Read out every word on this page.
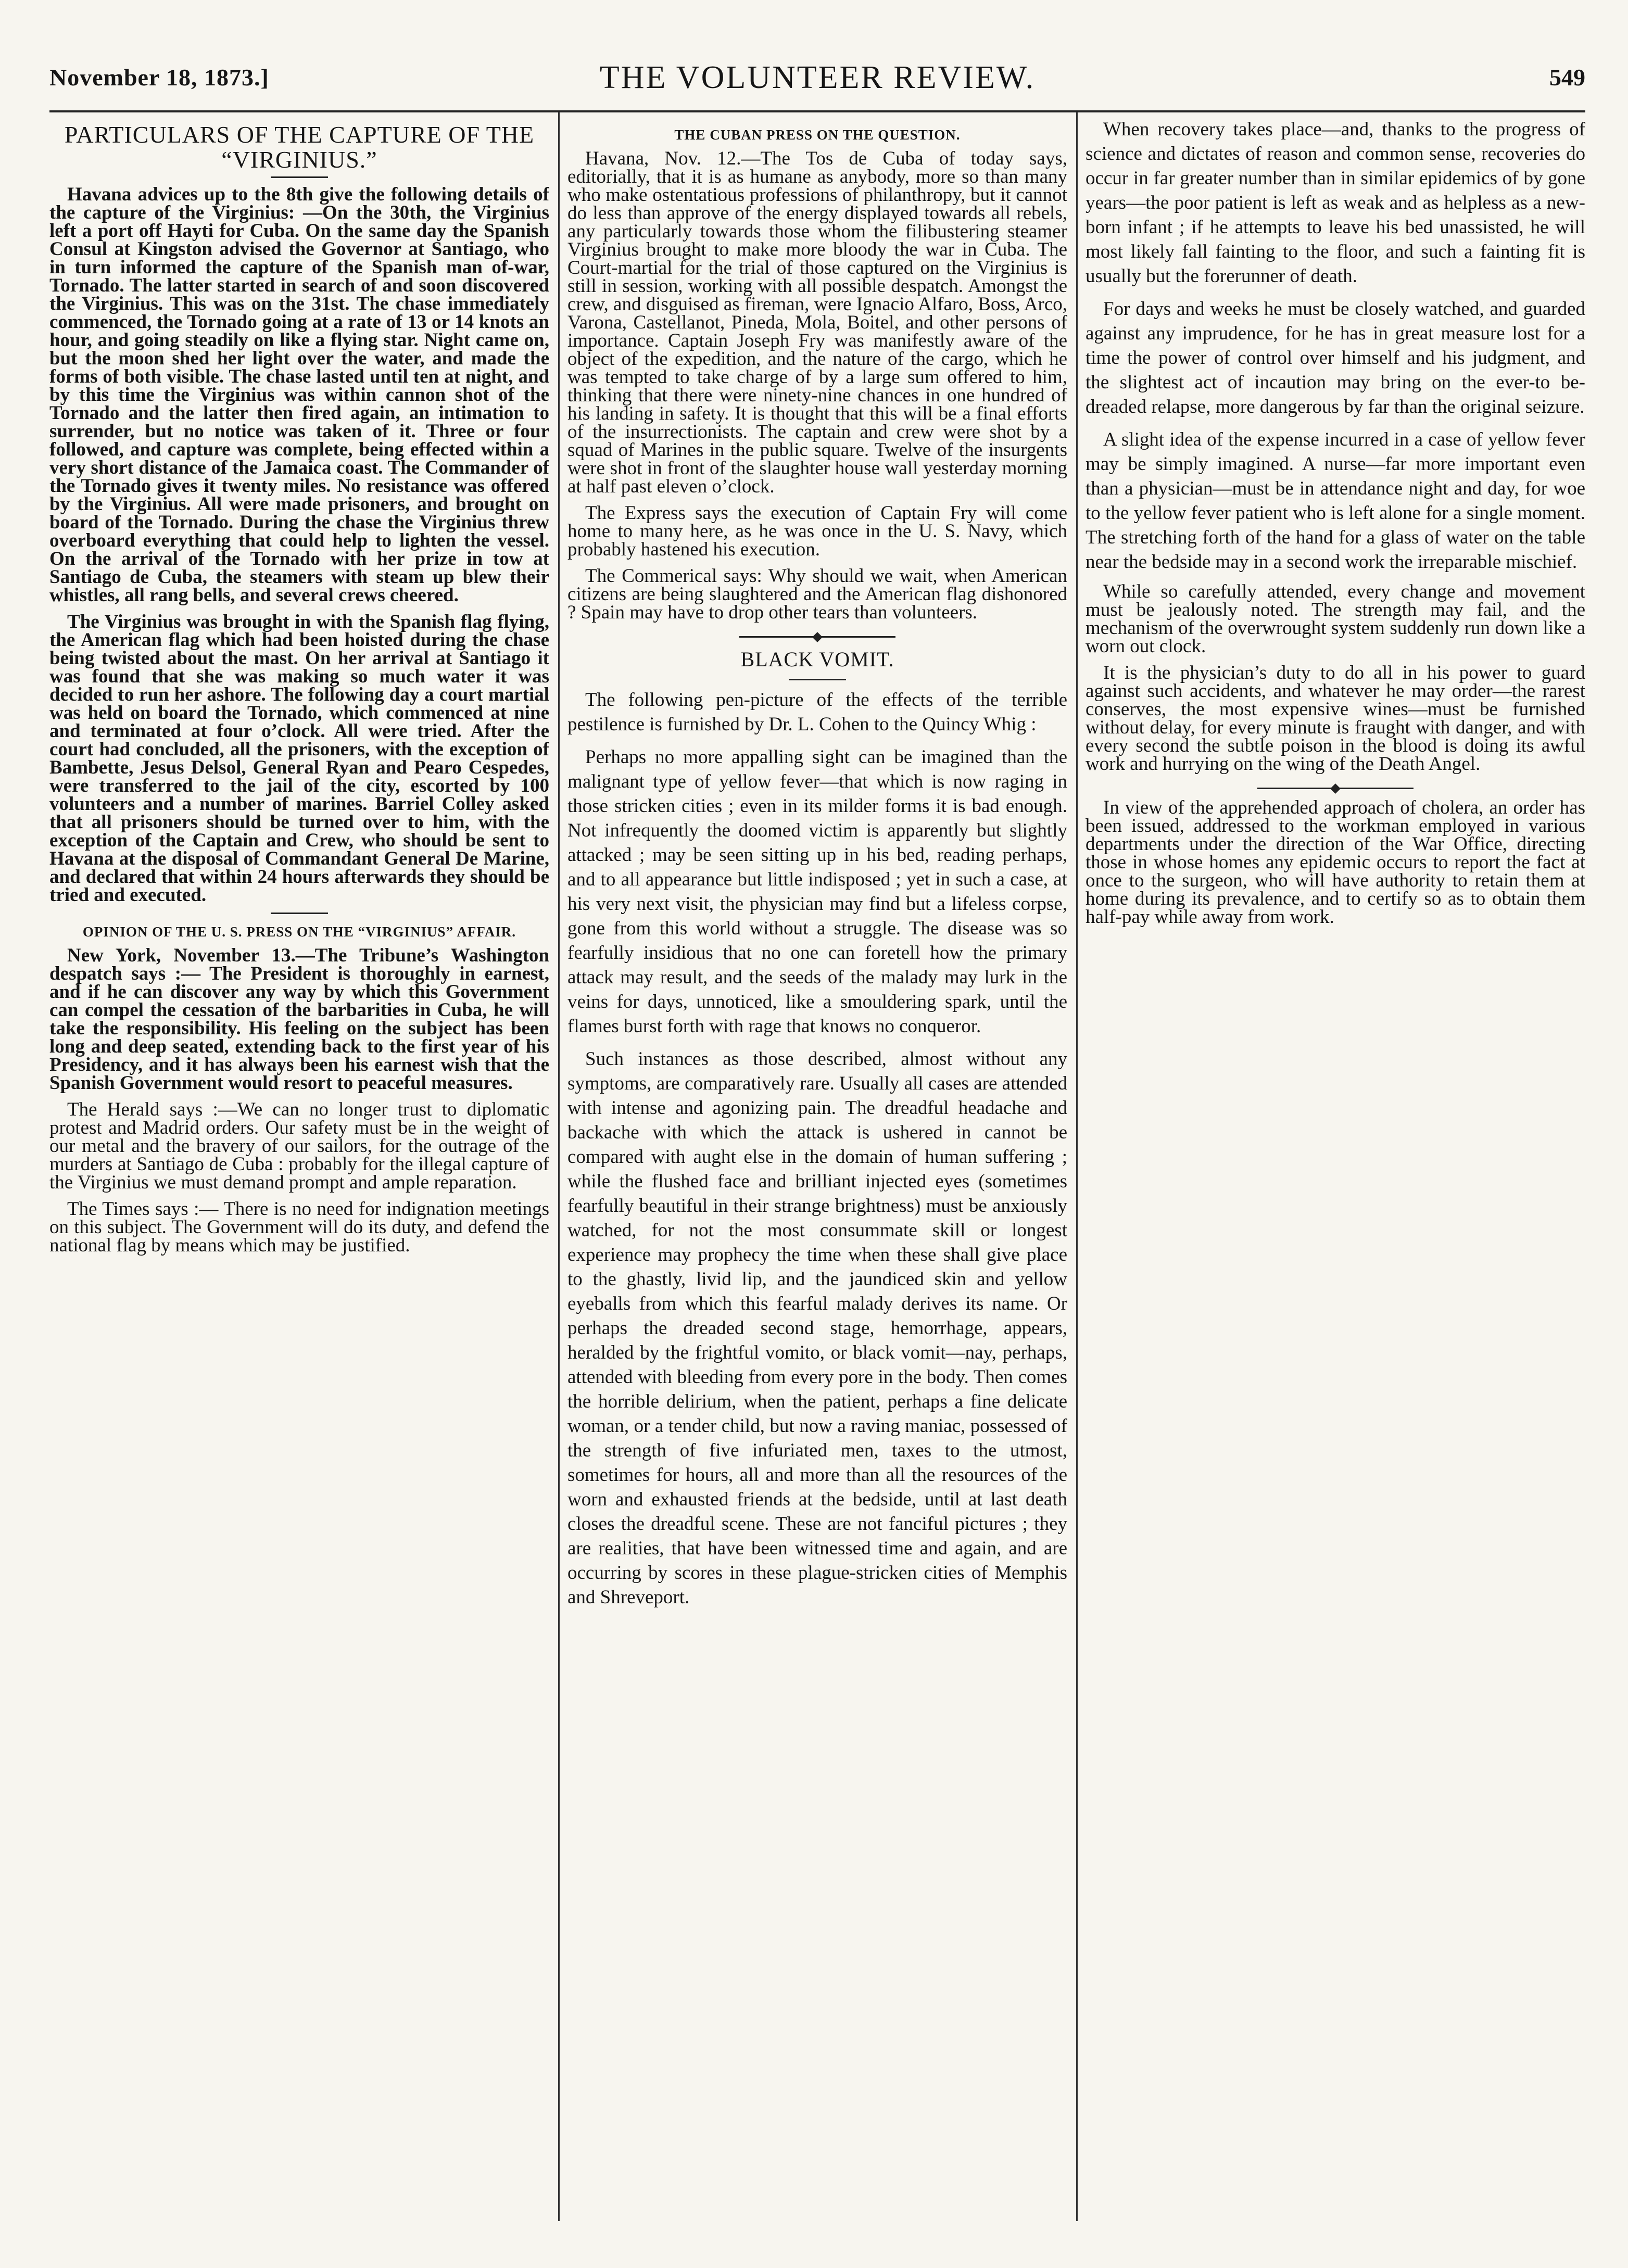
November 18, 1873.]	THE VOLUNTEER REVIEW.	549
PARTICULARS OF THE CAPTURE OF THE “VIRGINIUS.”

Havana advices up to the 8th give the following details of the capture of the Virginius: —On the 30th, the Virginius left a port off Hayti for Cuba. On the same day the Spanish Consul at Kingston advised the Governor at Santiago, who in turn informed the capture of the Spanish man of-war, Tornado. The latter started in search of and soon discovered the Virginius. This was on the 31st. The chase immediately commenced, the Tornado going at a rate of 13 or 14 knots an hour, and going steadily on like a flying star. Night came on, but the moon shed her light over the water, and made the forms of both visible. The chase lasted until ten at night, and by this time the Virginius was within cannon shot of the Tornado and the latter then fired again, an intimation to surrender, but no notice was taken of it. Three or four followed, and capture was complete, being effected within a very short distance of the Jamaica coast. The Commander of the Tornado gives it twenty miles. No resistance was offered by the Virginius. All were made prisoners, and brought on board of the Tornado. During the chase the Virginius threw overboard everything that could help to lighten the vessel. On the arrival of the Tornado with her prize in tow at Santiago de Cuba, the steamers with steam up blew their whistles, all rang bells, and several crews cheered.

The Virginius was brought in with the Spanish flag flying, the American flag which had been hoisted during the chase being twisted about the mast. On her arrival at Santiago it was found that she was making so much water it was decided to run her ashore. The following day a court martial was held on board the Tornado, which commenced at nine and terminated at four o’clock. All were tried. After the court had concluded, all the prisoners, with the exception of Bambette, Jesus Delsol, General Ryan and Pearo Cespedes, were transferred to the jail of the city, escorted by 100 volunteers and a number of marines. Barriel Colley asked that all prisoners should be turned over to him, with the exception of the Captain and Crew, who should be sent to Havana at the disposal of Commandant General De Marine, and declared that within 24 hours afterwards they should be tried and executed.

OPINION OF THE U. S. PRESS ON THE “VIRGINIUS” AFFAIR.

New York, November 13.—The Tribune’s Washington despatch says :— The President is thoroughly in earnest, and if he can discover any way by which this Government can compel the cessation of the barbarities in Cuba, he will take the responsibility. His feeling on the subject has been long and deep seated, extending back to the first year of his Presidency, and it has always been his earnest wish that the Spanish Government would resort to peaceful measures.

The Herald says :—We can no longer trust to diplomatic protest and Madrid orders. Our safety must be in the weight of our metal and the bravery of our sailors, for the outrage of the murders at Santiago de Cuba : probably for the illegal capture of the Virginius we must demand prompt and ample reparation.

The Times says :— There is no need for indignation meetings on this subject. The Government will do its duty, and defend the national flag by means which may be justified.

THE CUBAN PRESS ON THE QUESTION.

Havana, Nov. 12.—The Tos de Cuba of today says, editorially, that it is as humane as anybody, more so than many who make ostentatious professions of philanthropy, but it cannot do less than approve of the energy displayed towards all rebels, any particularly towards those whom the filibustering steamer Virginius brought to make more bloody the war in Cuba. The Court-martial for the trial of those captured on the Virginius is still in session, working with all possible despatch. Amongst the crew, and disguised as fireman, were Ignacio Alfaro, Boss, Arco, Varona, Castellanot, Pineda, Mola, Boitel, and other persons of importance. Captain Joseph Fry was manifestly aware of the object of the expedition, and the nature of the cargo, which he was tempted to take charge of by a large sum offered to him, thinking that there were ninety-nine chances in one hundred of his landing in safety. It is thought that this will be a final efforts of the insurrectionists. The captain and crew were shot by a squad of Marines in the public square. Twelve of the insurgents were shot in front of the slaughter house wall yesterday morning at half past eleven o’clock.

The Express says the execution of Captain Fry will come home to many here, as he was once in the U. S. Navy, which probably hastened his execution.

The Commerical says: Why should we wait, when American citizens are being slaughtered and the American flag dishonored ? Spain may have to drop other tears than volunteers.

BLACK VOMIT.

The following pen-picture of the effects of the terrible pestilence is furnished by Dr. L. Cohen to the Quincy Whig :

Perhaps no more appalling sight can be imagined than the malignant type of yellow fever—that which is now raging in those stricken cities ; even in its milder forms it is bad enough. Not infrequently the doomed victim is apparently but slightly attacked ; may be seen sitting up in his bed, reading perhaps, and to all appearance but little indisposed ; yet in such a case, at his very next visit, the physician may find but a lifeless corpse, gone from this world without a struggle. The disease was so fearfully insidious that no one can foretell how the primary attack may result, and the seeds of the malady may lurk in the veins for days, unnoticed, like a smouldering spark, until the flames burst forth with rage that knows no conqueror.

Such instances as those described, almost without any symptoms, are comparatively rare. Usually all cases are attended with intense and agonizing pain. The dreadful headache and backache with which the attack is ushered in cannot be compared with aught else in the domain of human suffering ; while the flushed face and brilliant injected eyes (sometimes fearfully beautiful in their strange brightness) must be anxiously watched, for not the most consummate skill or longest experience may prophecy the time when these shall give place to the ghastly, livid lip, and the jaundiced skin and yellow eyeballs from which this fearful malady derives its name. Or perhaps the dreaded second stage, hemorrhage, appears, heralded by the frightful vomito, or black vomit—nay, perhaps, attended with bleeding from every pore in the body. Then comes the horrible delirium, when the patient, perhaps a fine delicate woman, or a tender child, but now a raving maniac, possessed of the strength of five infuriated men, taxes to the utmost, sometimes for hours, all and more than all the resources of the worn and exhausted friends at the bedside, until at last death closes the dreadful scene. These are not fanciful pictures ; they are realities, that have been witnessed time and again, and are occurring by scores in these plague-stricken cities of Memphis and Shreveport.

When recovery takes place—and, thanks to the progress of science and dictates of reason and common sense, recoveries do occur in far greater number than in similar epidemics of by gone years—the poor patient is left as weak and as helpless as a new-born infant ; if he attempts to leave his bed unassisted, he will most likely fall fainting to the floor, and such a fainting fit is usually but the forerunner of death.

For days and weeks he must be closely watched, and guarded against any imprudence, for he has in great measure lost for a time the power of control over himself and his judgment, and the slightest act of incaution may bring on the ever-to be-dreaded relapse, more dangerous by far than the original seizure.

A slight idea of the expense incurred in a case of yellow fever may be simply imagined. A nurse—far more important even than a physician—must be in attendance night and day, for woe to the yellow fever patient who is left alone for a single moment. The stretching forth of the hand for a glass of water on the table near the bedside may in a second work the irreparable mischief.

While so carefully attended, every change and movement must be jealously noted. The strength may fail, and the mechanism of the overwrought system suddenly run down like a worn out clock.

It is the physician’s duty to do all in his power to guard against such accidents, and whatever he may order—the rarest conserves, the most expensive wines—must be furnished without delay, for every minute is fraught with danger, and with every second the subtle poison in the blood is doing its awful work and hurrying on the wing of the Death Angel.

In view of the apprehended approach of cholera, an order has been issued, addressed to the workman employed in various departments under the direction of the War Office, directing those in whose homes any epidemic occurs to report the fact at once to the surgeon, who will have authority to retain them at home during its prevalence, and to certify so as to obtain them half-pay while away from work.
